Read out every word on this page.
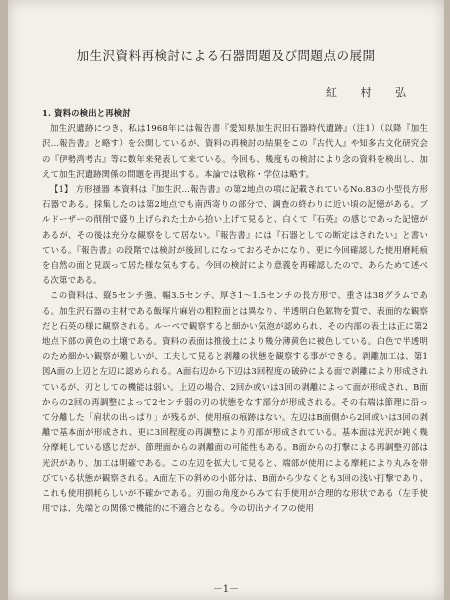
加生沢資料再検討による石器問題及び問題点の展開
紅 村 弘
1. 資料の検出と再検討

加生沢遺跡につき、私は1968年には報告書『愛知県加生沢旧石器時代遺跡』（注1）（以降『加生沢…報告書』と略す）を公開しているが、資料の再検討の結果をこの『古代人』や知多古文化研究会の『伊勢湾考古』等に数年来発表して来ている。今回も、幾度もの検討により念の資料を検出し、加えて加生沢遺跡関係の問題を再提出する。本論では敬称・学位は略す。

【1】 方形掻器 本資料は『加生沢…報告書』の第2地点の項に記載されているNo.83の小型長方形石器である。採集したのは第2地点でも南西寄りの部分で、調査の終わりに近い頃の記憶がある。ブルドーザーの削削で盛り上げられた土から拾い上げて見ると、白くて『石英』の感じであった記憶があるが、その後は充分な観察をして居ない。『報告書』には『石器としての断定はされたい』と書いている。『報告書』の段階では検討が後回しになっておろそかになり、更に今回確認した使用磨耗痕を自然の面と見誤って居た様な気もする。今回の検討により意義を再確認したので、あらためて述べる次第である。

この資料は、縦5センチ強、幅3.5センチ、厚さ1～1.5センチの長方形で、重さは38グラムである。加生沢石器の主材である飯塚片麻岩の粗粒面とは異なり、半透明白色鉱物を質で、表面的な観察だと石英の様に観察される。ルーペで観察すると細かい気泡が認められ、その内部の表土は正に第2地点下部の黄色の土壌である。資料の表面は推後土により幾分薄黄色に被色している。白色で半透明のため細かい観察が難しいが、工夫して見ると剥離の状態を観察する事ができる。剥離加工は、第1図A面の上辺と左辺に認められる。A面右辺から下辺は3回程度の破砕による面で剥離により形成されているが、刃としての機能は弱い。上辺の場合、2回か或いは3回の剥離によって面が形成され、B面からの2回の再調整によって2センチ弱の刃の状態をなす部分が形成される。その右端は節理に沿って分離した「肩状の出っぱり」が残るが、使用痕の痕跡はない。左辺はB面側から2回或いは3回の剥離で基本面が形成され、更に3回程度の再調整により刃部が形成されている。基本面は光沢が鈍く幾分摩耗している感じだが、節理面からの剥離面の可能性もある。B面からの打撃による再調整刃部は光沢があり、加工は明確である。この左辺を拡大して見ると、端部が使用による摩耗により丸みを帯びている状態が観察される。A面左下の斜めの小部分は、B面から少なくとも3回の浅い打撃であり、これも使用損耗らしいが不確かである。刃面の角度からみて右手使用が合理的な形状である（左手使用では、先端との関係で機能的に不適合となる。今の切出ナイフの使用

－1－
